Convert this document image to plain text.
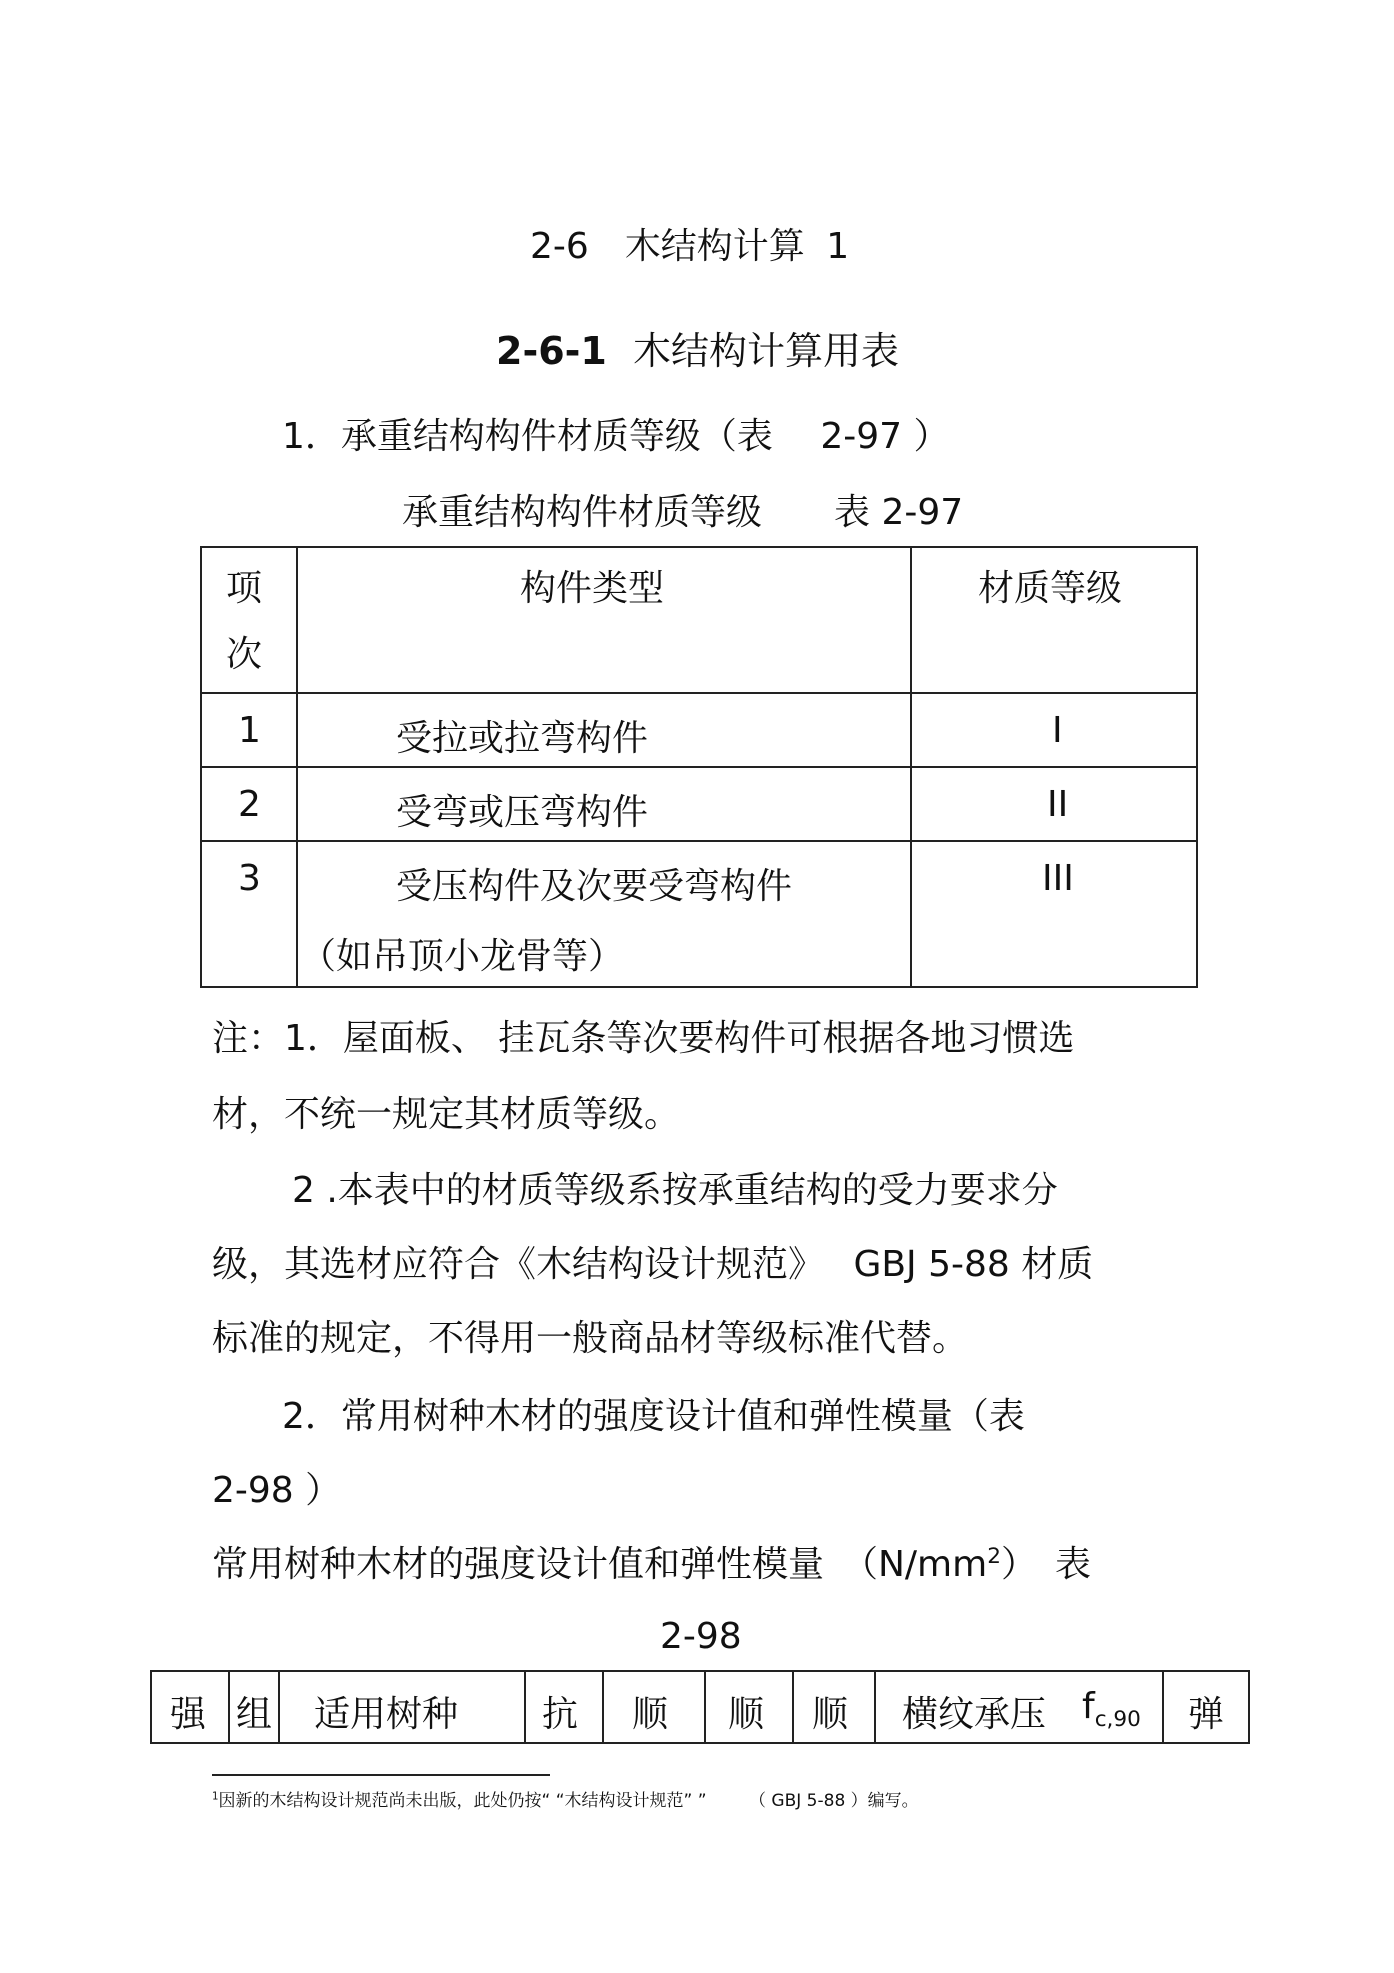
2-6　木结构计算 1
2-6-1 木结构计算用表
1．承重结构构件材质等级（表　 2-97 ）
承重结构构件材质等级　　表 2-97
项
次	构件类型	材质等级

1	受拉或拉弯构件	I

2	受弯或压弯构件	II

3	受压构件及次要受弯构件
（如吊顶小龙骨等）	III
注：1．屋面板、 挂瓦条等次要构件可根据各地习惯选
材，不统一规定其材质等级。
2 .本表中的材质等级系按承重结构的受力要求分
级，其选材应符合《木结构设计规范》　 GBJ 5-88 材质
标准的规定，不得用一般商品材等级标准代替。
2．常用树种木材的强度设计值和弹性模量（表
2-98 ）
常用树种木材的强度设计值和弹性模量　$(N/mm^2)$　表
2-98
强	组	适用树种	抗	顺	顺	顺	横纹承压 $f_{c,90}$	弹
$^1$因新的木结构设计规范尚未出版，此处仍按“ “木结构设计规范” ”　　　（ GBJ 5-88 ）编写。
